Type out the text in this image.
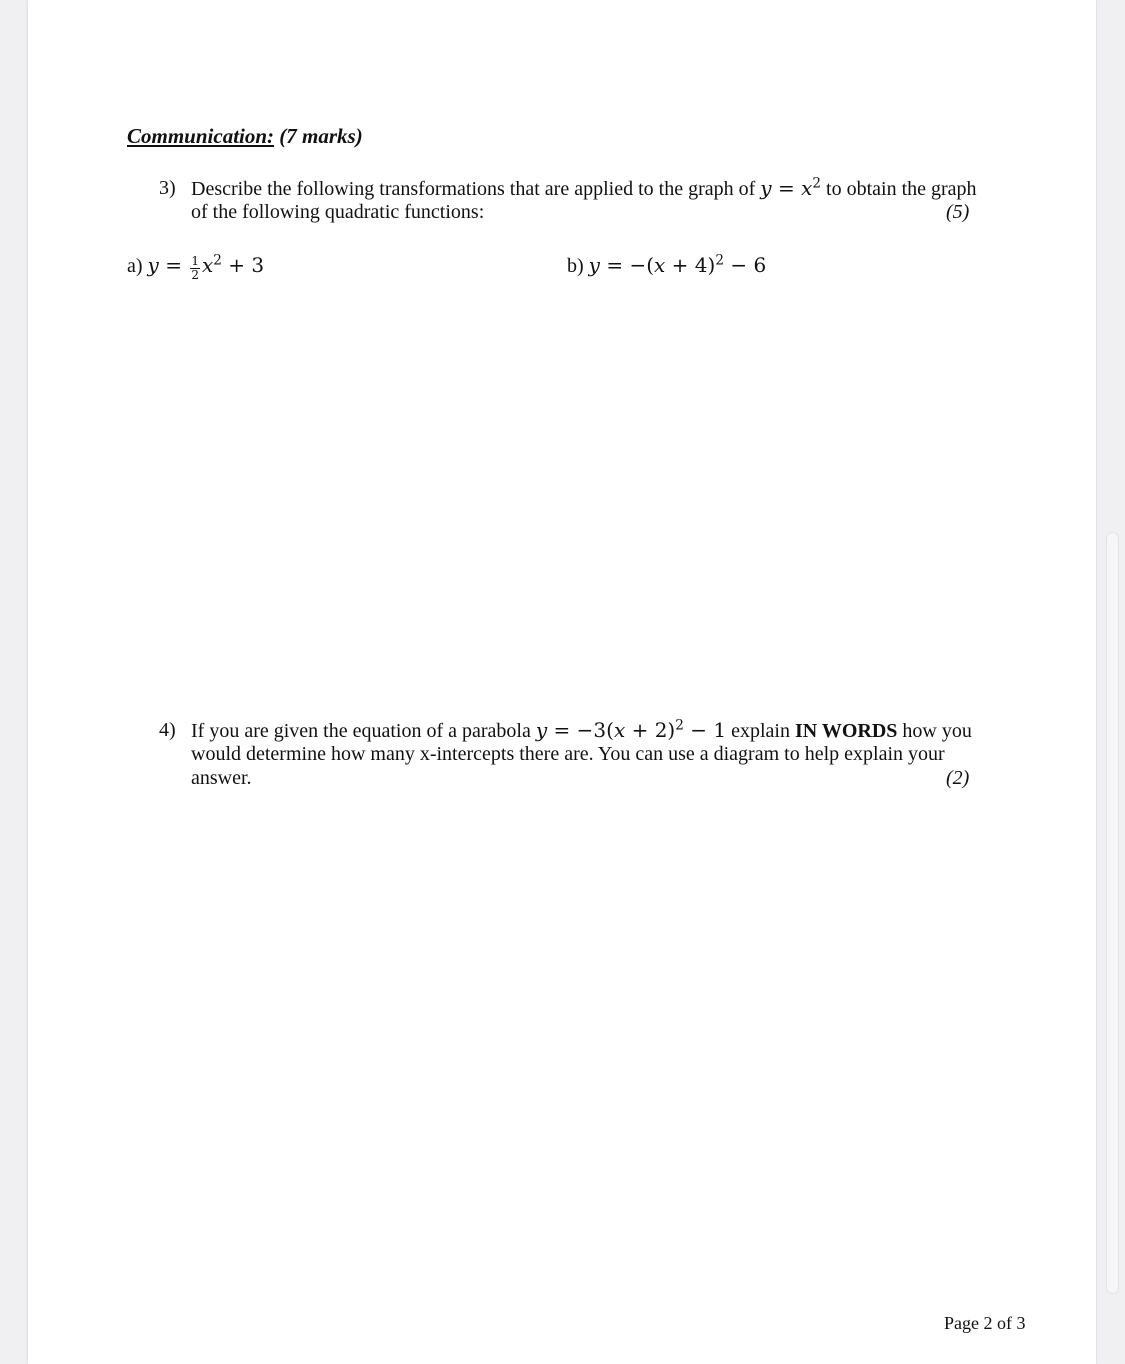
Communication: (7 marks)
3) Describe the following transformations that are applied to the graph of $y = x^2$ to obtain the graph
of the following quadratic functions:	(5)
a) $y = \frac{1}{2} x^2 + 3$	b) $y = -(x + 4)^2 - 6$
4) If you are given the equation of a parabola $y = -3(x + 2)^2 - 1$ explain IN WORDS how you
would determine how many x-intercepts there are. You can use a diagram to help explain your
answer.	(2)
Page 2 of 3
